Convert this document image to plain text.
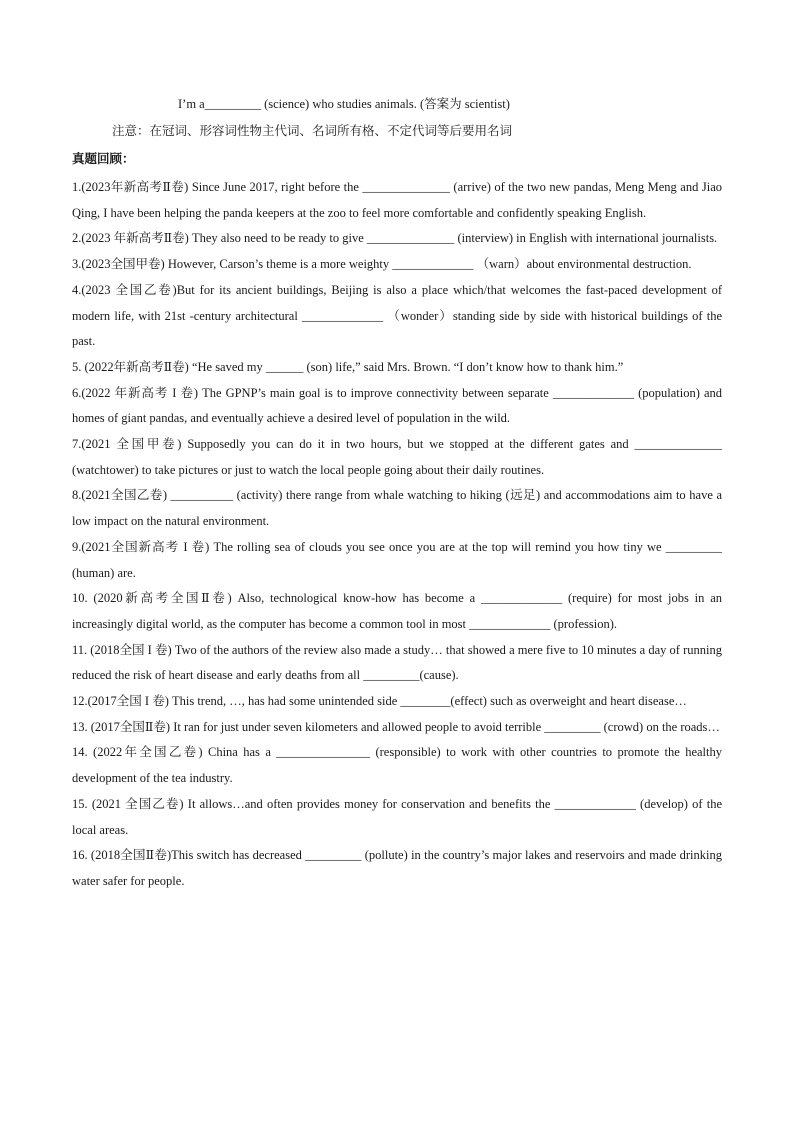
I’m a_________ (science) who studies animals. (答案为 scientist)
注意：在冠词、形容词性物主代词、名词所有格、不定代词等后要用名词
真题回顾：

1.(2023年新高考Ⅱ卷) Since June 2017, right before the ______________ (arrive) of the two new pandas, Meng Meng and Jiao Qing, I have been helping the panda keepers at the zoo to feel more comfortable and confidently speaking English.

2.(2023 年新高考Ⅱ卷) They also need to be ready to give ______________ (interview) in English with international journalists.

3.(2023全国甲卷) However, Carson’s theme is a more weighty _____________ （warn）about environmental destruction.

4.(2023 全国乙卷)But for its ancient buildings, Beijing is also a place which/that welcomes the fast-paced development of modern life, with 21st -century architectural _____________ （wonder）standing side by side with historical buildings of the past.

5. (2022年新高考Ⅱ卷) “He saved my ______ (son) life,” said Mrs. Brown. “I don’t know how to thank him.”

6.(2022 年新高考 I 卷) The GPNP’s main goal is to improve connectivity between separate _____________ (population) and homes of giant pandas, and eventually achieve a desired level of population in the wild.

7.(2021 全国甲卷) Supposedly you can do it in two hours, but we stopped at the different gates and ______________ (watchtower) to take pictures or just to watch the local people going about their daily routines.

8.(2021全国乙卷) __________ (activity) there range from whale watching to hiking (远足) and accommodations aim to have a low impact on the natural environment.

9.(2021全国新高考 I 卷) The rolling sea of clouds you see once you are at the top will remind you how tiny we _________ (human) are.

10. (2020新高考全国Ⅱ卷) Also, technological know-how has become a _____________ (require) for most jobs in an increasingly digital world, as the computer has become a common tool in most _____________ (profession).

11. (2018全国 I 卷) Two of the authors of the review also made a study… that showed a mere five to 10 minutes a day of running reduced the risk of heart disease and early deaths from all _________(cause).

12.(2017全国 I 卷) This trend, …, has had some unintended side ________(effect) such as overweight and heart disease…

13. (2017全国Ⅱ卷) It ran for just under seven kilometers and allowed people to avoid terrible _________ (crowd) on the roads…

14. (2022年全国乙卷) China has a _______________ (responsible) to work with other countries to promote the healthy development of the tea industry.

15. (2021 全国乙卷) It allows…and often provides money for conservation and benefits the _____________ (develop) of the local areas.

16. (2018全国Ⅱ卷)This switch has decreased _________ (pollute) in the country’s major lakes and reservoirs and made drinking water safer for people.
